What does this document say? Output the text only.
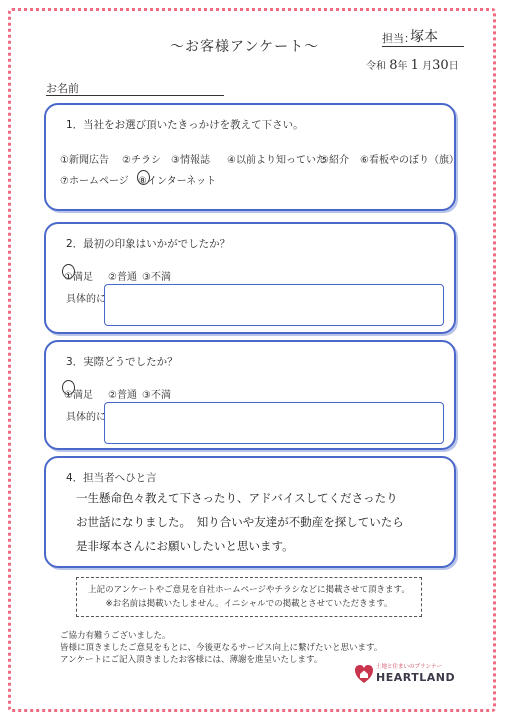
〜お客様アンケート〜
担当：
塚本
令和 8年 1 月30日
お名前
1．当社をお選び頂いたきっかけを教えて下さい。
①新聞広告 ②チラシ ③情報誌 ④以前より知っていた
⑤紹介 ⑥看板やのぼり（旗）
⑦ホームページ ⑧インターネット
2．最初の印象はいかがでしたか？
①満足 ②普通 ③不満
具体的に
3．実際どうでしたか？
①満足 ②普通 ③不満
具体的に
4．担当者へひと言
一生懸命色々教えて下さったり、アドバイスしてくださったり
お世話になりました。　知り合いや友達が不動産を探していたら
是非塚本さんにお願いしたいと思います。
上記のアンケートやご意見を自社ホームページやチラシなどに掲載させて頂きます。
※お名前は掲載いたしません。イニシャルでの掲載とさせていただきます。
ご協力有難うございました。
皆様に頂きましたご意見をもとに、今後更なるサービス向上に繋げたいと思います。
アンケートにご記入頂きましたお客様には、薄謝を進呈いたします。
土地と住まいのプランナー
HEARTLAND
